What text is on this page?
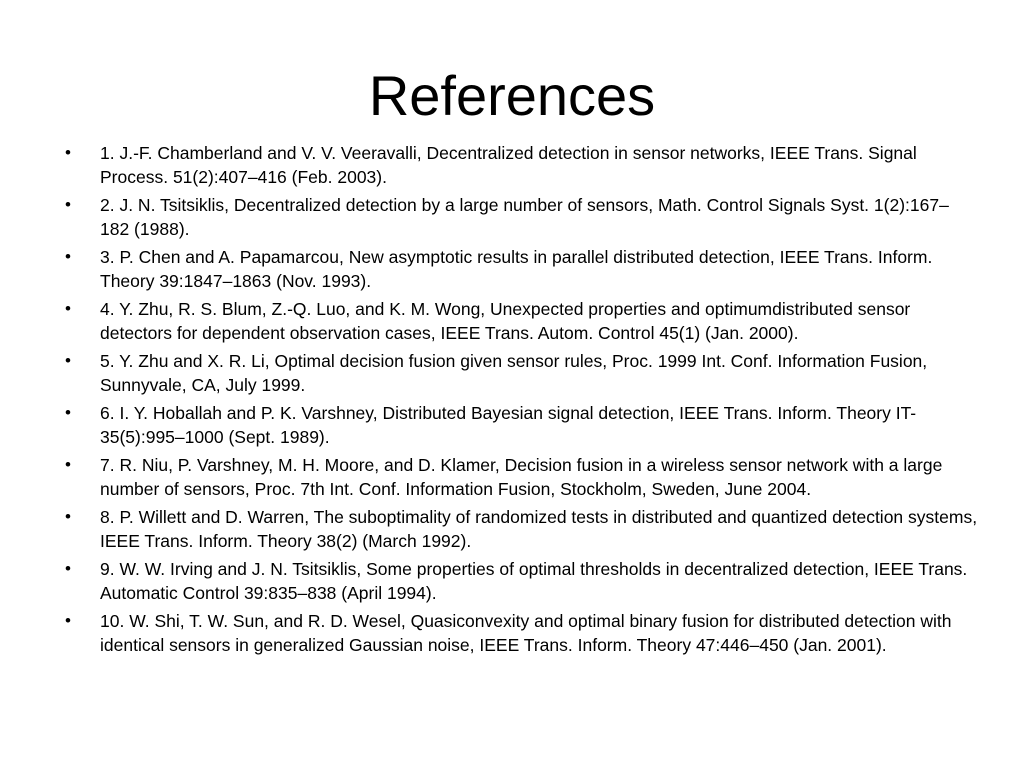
References
•	1. J.-F. Chamberland and V. V. Veeravalli, Decentralized detection in sensor networks, IEEE Trans. Signal Process. 51(2):407–416 (Feb. 2003).
•	2. J. N. Tsitsiklis, Decentralized detection by a large number of sensors, Math. Control Signals Syst. 1(2):167–182 (1988).
•	3. P. Chen and A. Papamarcou, New asymptotic results in parallel distributed detection, IEEE Trans. Inform. Theory 39:1847–1863 (Nov. 1993).
•	4. Y. Zhu, R. S. Blum, Z.-Q. Luo, and K. M. Wong, Unexpected properties and optimumdistributed sensor detectors for dependent observation cases, IEEE Trans. Autom. Control 45(1) (Jan. 2000).
•	5. Y. Zhu and X. R. Li, Optimal decision fusion given sensor rules, Proc. 1999 Int. Conf. Information Fusion, Sunnyvale, CA, July 1999.
•	6. I. Y. Hoballah and P. K. Varshney, Distributed Bayesian signal detection, IEEE Trans. Inform. Theory IT-35(5):995–1000 (Sept. 1989).
•	7. R. Niu, P. Varshney, M. H. Moore, and D. Klamer, Decision fusion in a wireless sensor network with a large number of sensors, Proc. 7th Int. Conf. Information Fusion, Stockholm, Sweden, June 2004.
•	8. P. Willett and D. Warren, The suboptimality of randomized tests in distributed and quantized detection systems, IEEE Trans. Inform. Theory 38(2) (March 1992).
•	9. W. W. Irving and J. N. Tsitsiklis, Some properties of optimal thresholds in decentralized detection, IEEE Trans. Automatic Control 39:835–838 (April 1994).
•	10. W. Shi, T. W. Sun, and R. D. Wesel, Quasiconvexity and optimal binary fusion for distributed detection with identical sensors in generalized Gaussian noise, IEEE Trans. Inform. Theory 47:446–450 (Jan. 2001).
